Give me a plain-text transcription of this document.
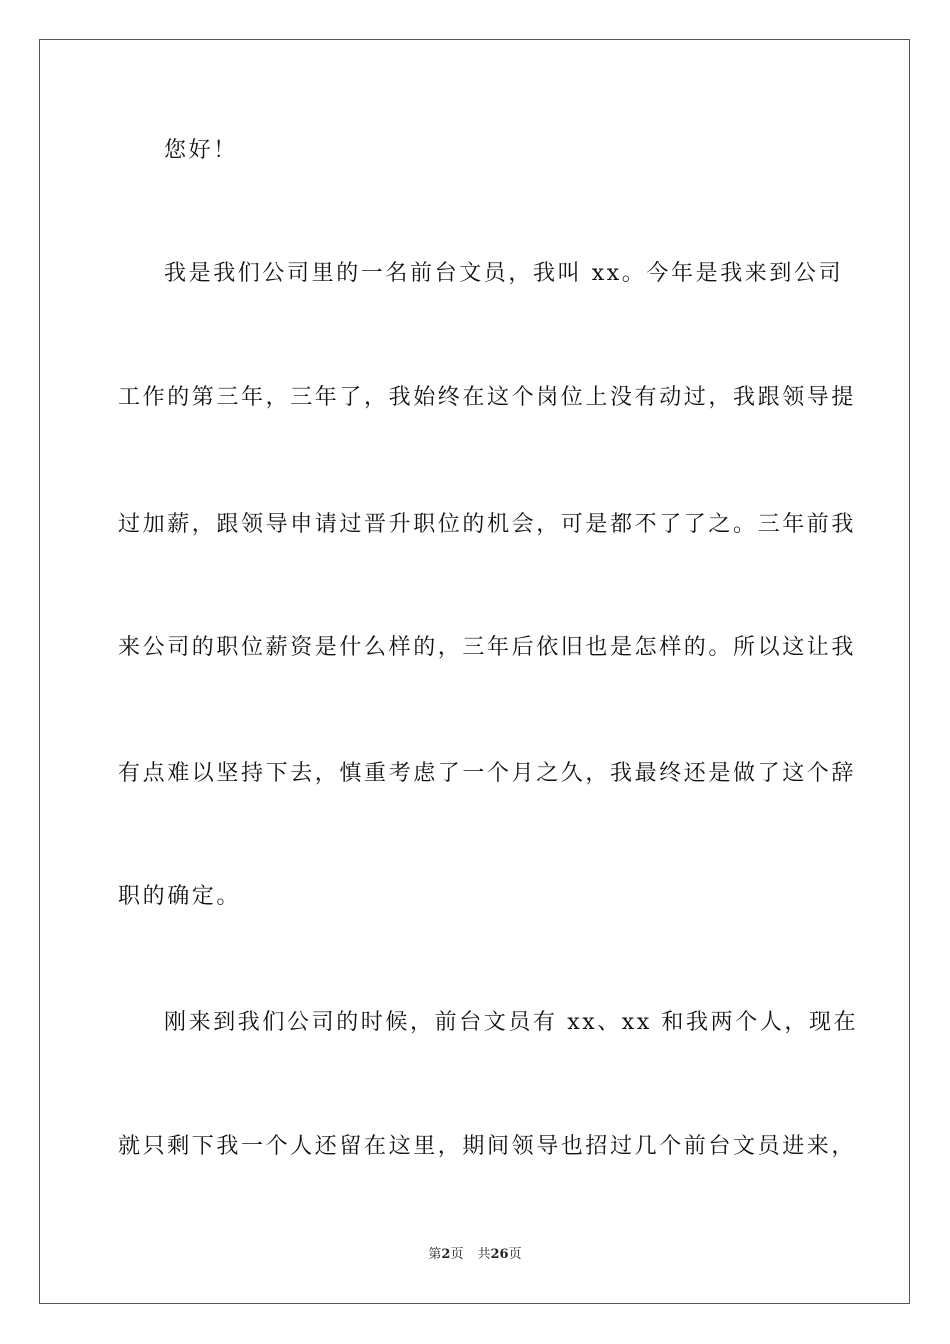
您好！
我是我们公司里的一名前台文员，我叫 xx。今年是我来到公司
工作的第三年，三年了，我始终在这个岗位上没有动过，我跟领导提
过加薪，跟领导申请过晋升职位的机会，可是都不了了之。三年前我
来公司的职位薪资是什么样的，三年后依旧也是怎样的。所以这让我
有点难以坚持下去，慎重考虑了一个月之久，我最终还是做了这个辞
职的确定。
刚来到我们公司的时候，前台文员有 xx、xx 和我两个人，现在
就只剩下我一个人还留在这里，期间领导也招过几个前台文员进来，
第2页 共26页
